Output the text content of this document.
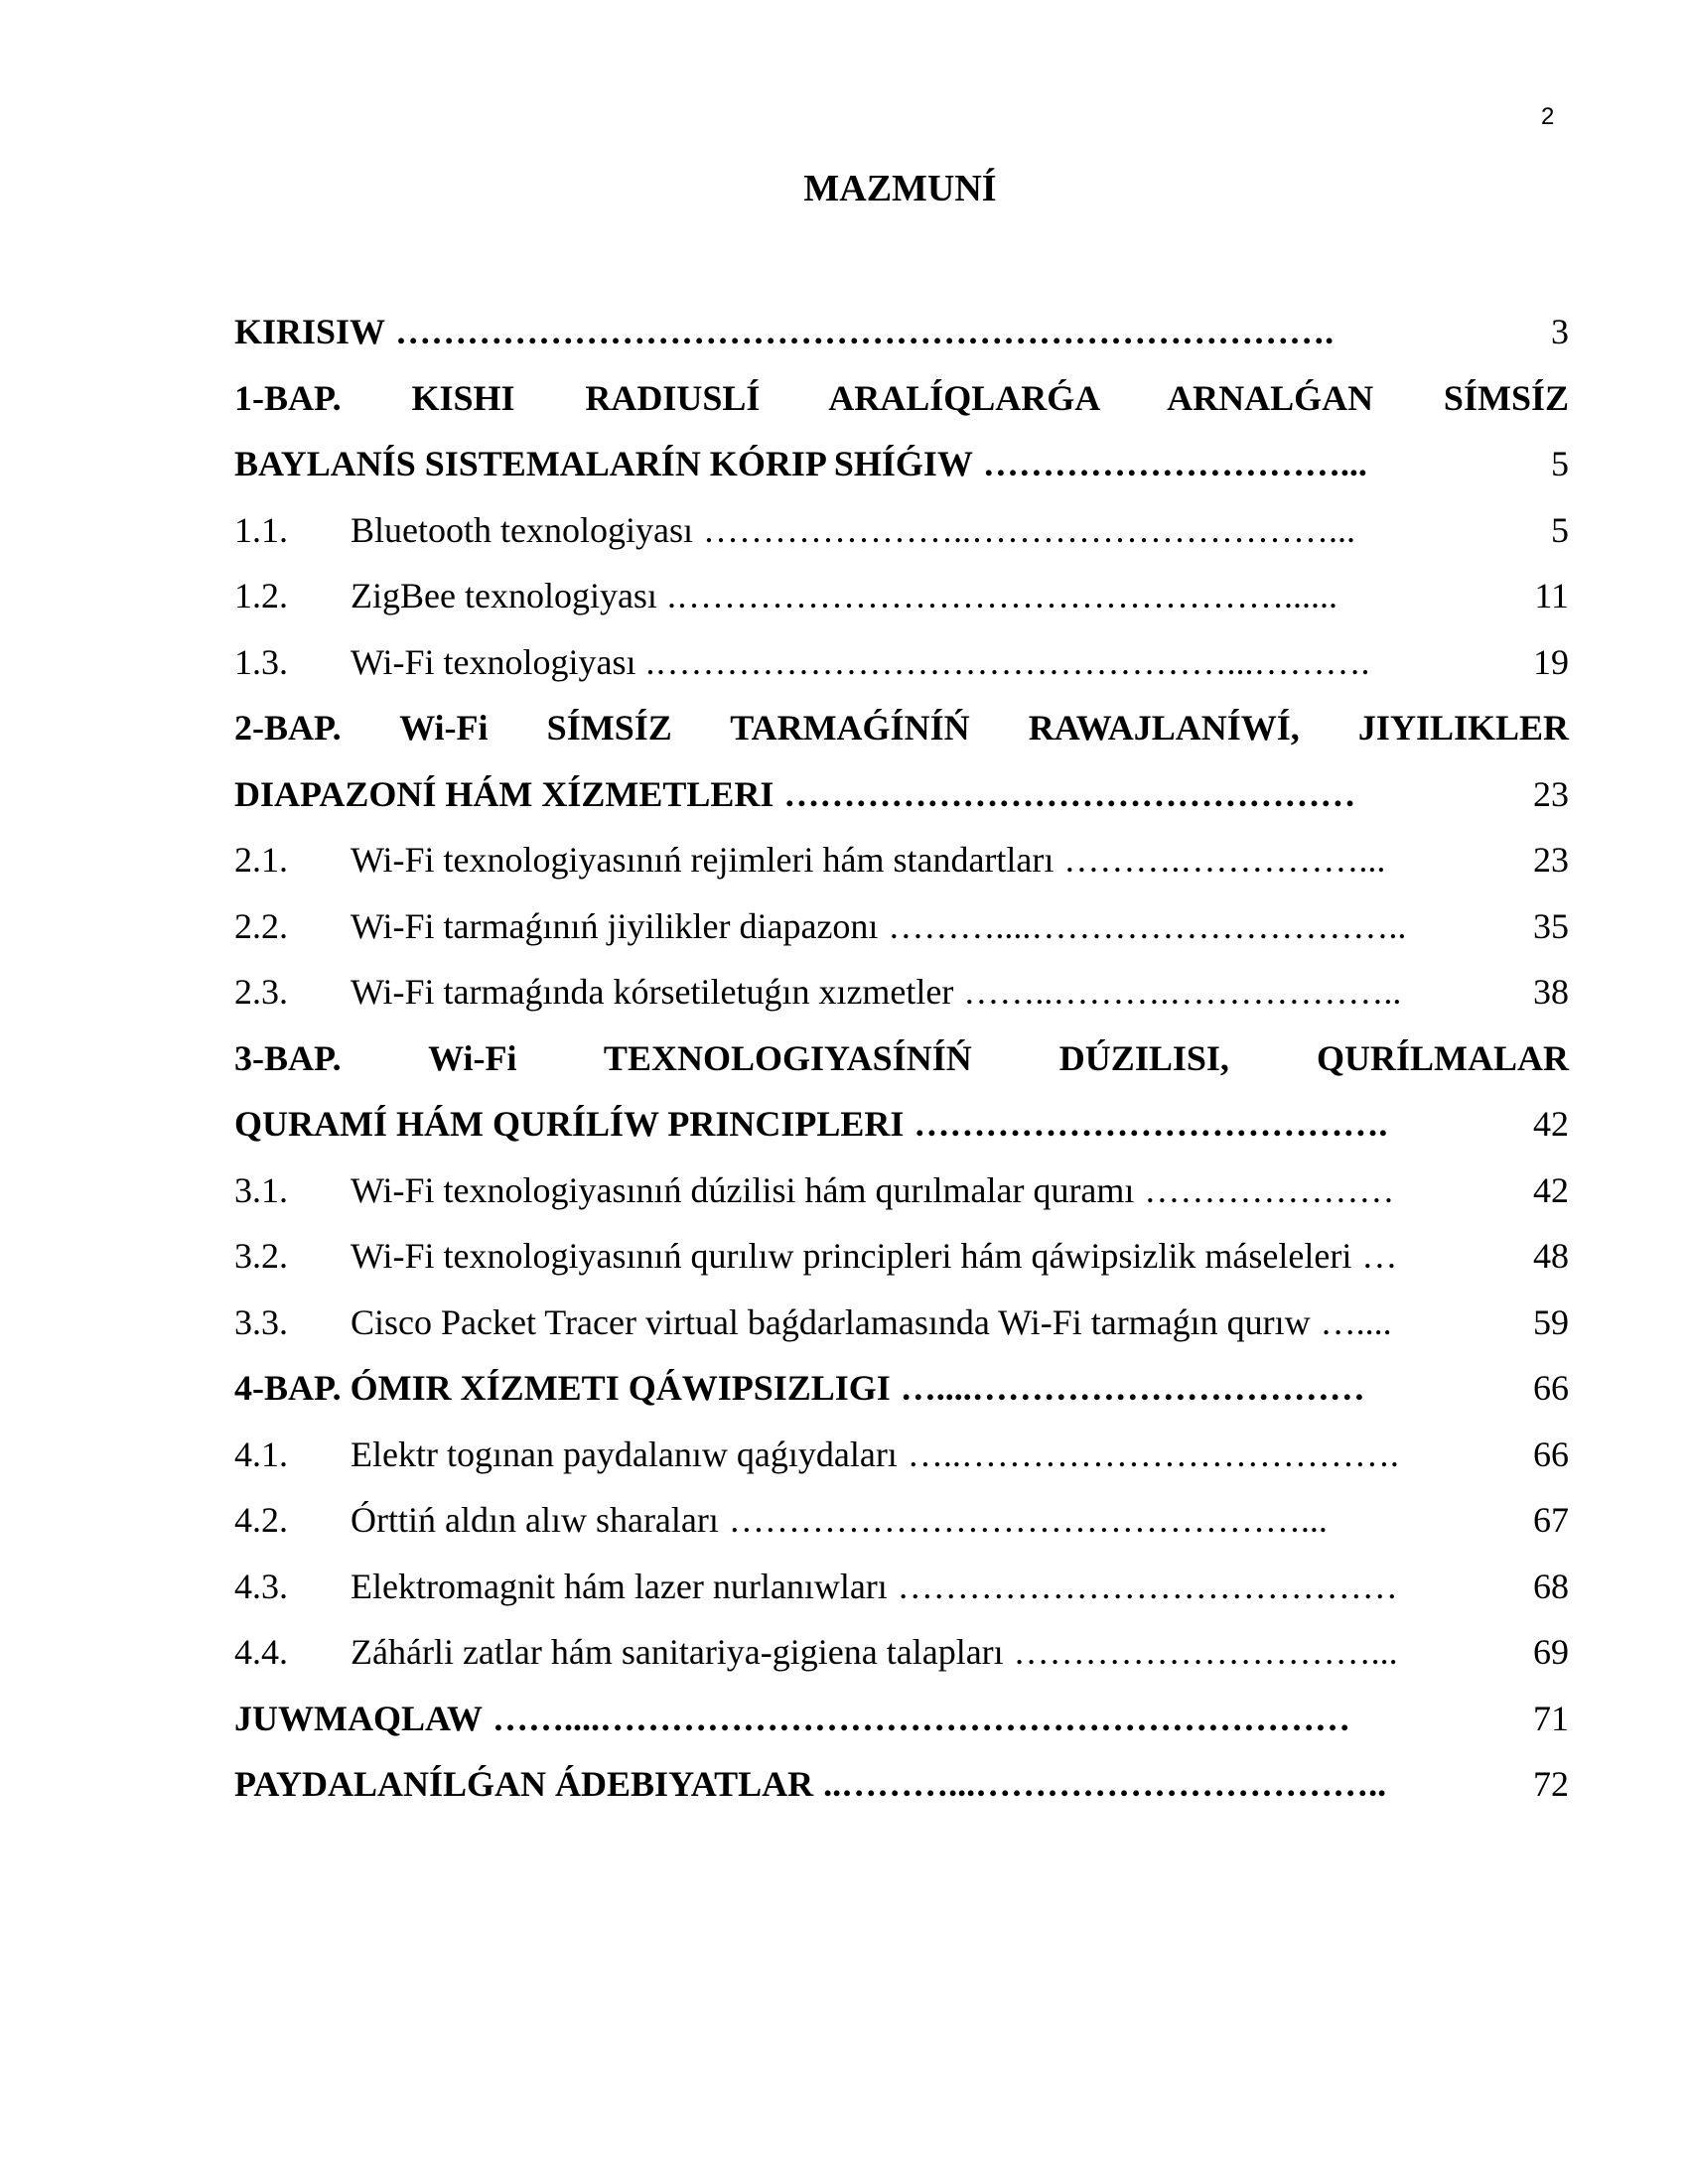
2
MAZMUNÍ
KIRISIW …………………………………………………………………….	3
1-BAP. KISHI RADIUSLÍ ARALÍQLARǴA ARNALǴAN SÍMSÍZ
BAYLANÍS SISTEMALARÍN KÓRIP SHÍǴIW …………………………...	5
1.1.	Bluetooth texnologiyası …………………..…………………………...	5
1.2.	ZigBee texnologiyası .……………………………………………......	11
1.3.	Wi-Fi texnologiyası .…………………………………………...……….	19
2-BAP. Wi-Fi SÍMSÍZ TARMAǴÍNÍŃ RAWAJLANÍWÍ, JIYILIKLER
DIAPAZONÍ HÁM XÍZMETLERI …………………………………………	23
2.1.	Wi-Fi texnologiyasınıń rejimleri hám standartları ……….……………...	23
2.2.	Wi-Fi tarmaǵınıń jiyilikler diapazonı ………....…………………………..	35
2.3.	Wi-Fi tarmaǵında kórsetiletuǵın xızmetler ……..……….………………..	38
3-BAP. Wi-Fi TEXNOLOGIYASÍNÍŃ DÚZILISI, QURÍLMALAR
QURAMÍ HÁM QURÍLÍW PRINCIPLERI ………………………………….	42
3.1.	Wi-Fi texnologiyasınıń dúzilisi hám qurılmalar quramı …………………	42
3.2.	Wi-Fi texnologiyasınıń qurılıw principleri hám qáwipsizlik máseleleri …	48
3.3.	Cisco Packet Tracer virtual baǵdarlamasında Wi-Fi tarmaǵın qurıw …....	59
4-BAP. ÓMIR XÍZMETI QÁWIPSIZLIGI …....……………………………	66
4.1.	Elektr togınan paydalanıw qaǵıydaları …..……………………………….	66
4.2.	Órttiń aldın alıw sharaları …………………………………………...	67
4.3.	Elektromagnit hám lazer nurlanıwları ……………………………………	68
4.4.	Záhárli zatlar hám sanitariya-gigiena talapları …………………………...	69
JUWMAQLAW ……....………………………………………………………	71
PAYDALANÍLǴAN ÁDEBIYATLAR ..………...……………………………..	72
